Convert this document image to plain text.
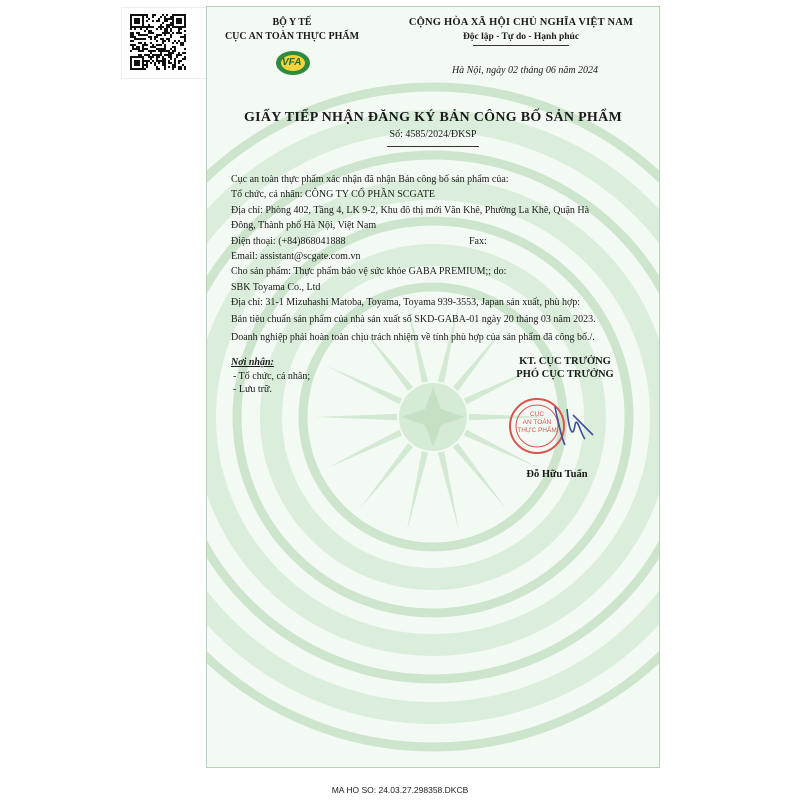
BỘ Y TẾ
CỤC AN TOÀN THỰC PHẨM
VFA
CỘNG HÒA XÃ HỘI CHỦ NGHĨA VIỆT NAM
Độc lập - Tự do - Hạnh phúc
Hà Nội, ngày 02 tháng 06 năm 2024
GIẤY TIẾP NHẬN ĐĂNG KÝ BẢN CÔNG BỐ SẢN PHẨM
Số: 4585/2024/ĐKSP
Cục an toàn thực phẩm xác nhận đã nhận Bản công bố sản phẩm của:
Tổ chức, cá nhân: CÔNG TY CỔ PHẦN SCGATE
Địa chỉ: Phòng 402, Tầng 4, LK 9-2, Khu đô thị mới Văn Khê, Phường La Khê, Quận Hà
Đông, Thành phố Hà Nội, Việt Nam
Điện thoại: (+84)868041888	Fax:
Email: assistant@scgate.com.vn
Cho sản phẩm: Thực phẩm bảo vệ sức khỏe GABA PREMIUM;; do:
SBK Toyama Co., Ltd
Địa chỉ: 31-1 Mizuhashi Matoba, Toyama, Toyama 939-3553, Japan sản xuất, phù hợp:
Bản tiêu chuẩn sản phẩm của nhà sản xuất số SKD-GABA-01 ngày 20 tháng 03 năm 2023.
Doanh nghiệp phải hoàn toàn chịu trách nhiệm về tính phù hợp của sản phẩm đã công bố./.
Nơi nhận:
- Tổ chức, cá nhân;
- Lưu trữ.
KT. CỤC TRƯỞNG
PHÓ CỤC TRƯỞNG
CỤC
AN TOÀN
THỰC PHẨM
Đỗ Hữu Tuấn
MA HO SO: 24.03.27.298358.DKCB
